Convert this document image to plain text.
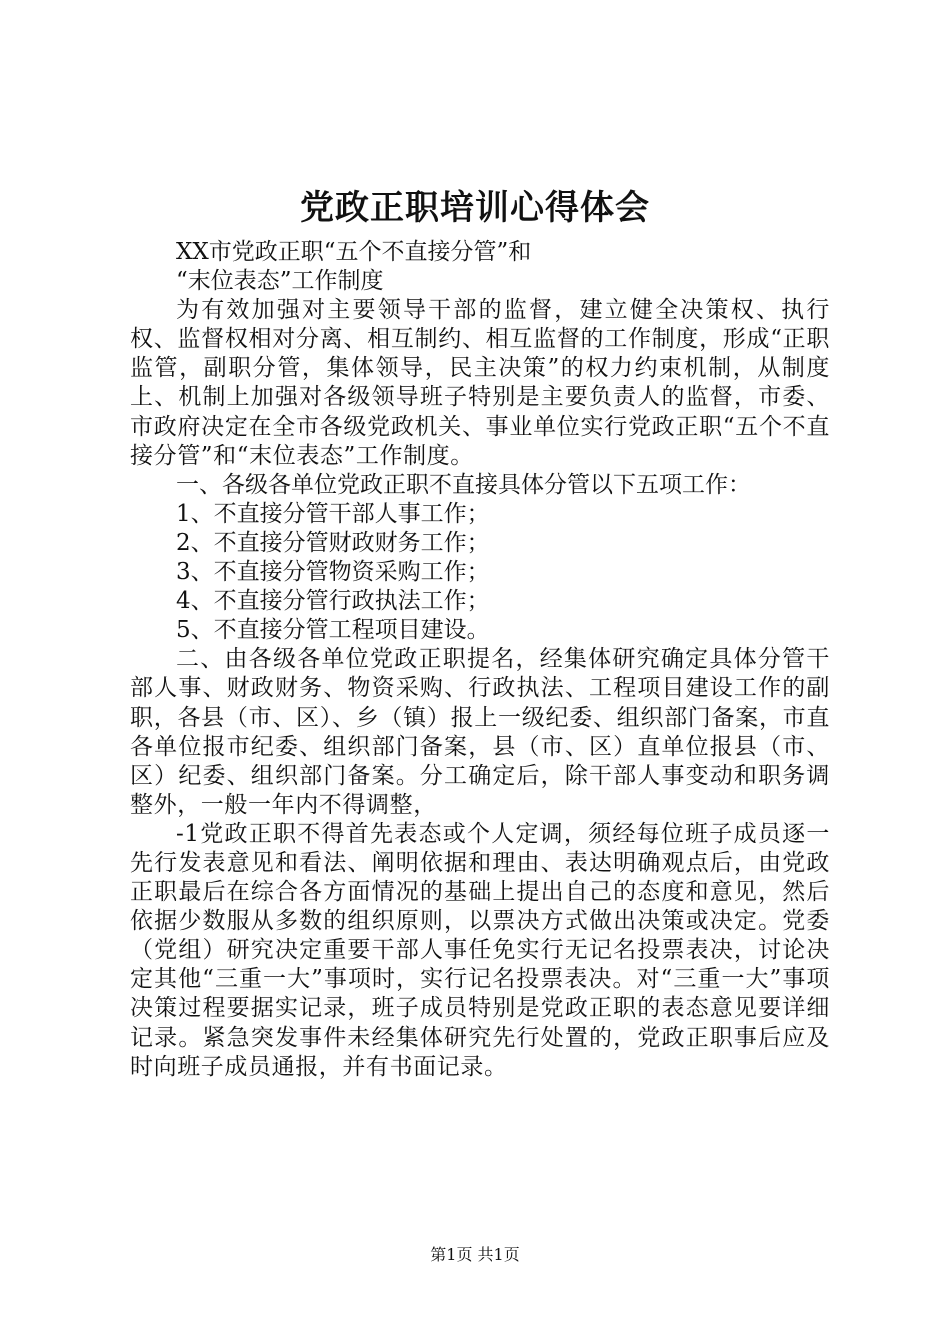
党政正职培训心得体会

XX市党政正职“五个不直接分管”和

“末位表态”工作制度

为有效加强对主要领导干部的监督，建立健全决策权、执行权、监督权相对分离、相互制约、相互监督的工作制度，形成“正职监管，副职分管，集体领导，民主决策”的权力约束机制，从制度上、机制上加强对各级领导班子特别是主要负责人的监督，市委、市政府决定在全市各级党政机关、事业单位实行党政正职“五个不直接分管”和“末位表态”工作制度。

一、各级各单位党政正职不直接具体分管以下五项工作：

1、不直接分管干部人事工作；

2、不直接分管财政财务工作；

3、不直接分管物资采购工作；

4、不直接分管行政执法工作；

5、不直接分管工程项目建设。

二、由各级各单位党政正职提名，经集体研究确定具体分管干部人事、财政财务、物资采购、行政执法、工程项目建设工作的副职，各县（市、区）、乡（镇）报上一级纪委、组织部门备案，市直各单位报市纪委、组织部门备案，县（市、区）直单位报县（市、区）纪委、组织部门备案。分工确定后，除干部人事变动和职务调整外，一般一年内不得调整，

-1党政正职不得首先表态或个人定调，须经每位班子成员逐一先行发表意见和看法、阐明依据和理由、表达明确观点后，由党政正职最后在综合各方面情况的基础上提出自己的态度和意见，然后依据少数服从多数的组织原则，以票决方式做出决策或决定。党委（党组）研究决定重要干部人事任免实行无记名投票表决，讨论决定其他“三重一大”事项时，实行记名投票表决。对“三重一大”事项决策过程要据实记录，班子成员特别是党政正职的表态意见要详细记录。紧急突发事件未经集体研究先行处置的，党政正职事后应及时向班子成员通报，并有书面记录。

第1页 共1页
